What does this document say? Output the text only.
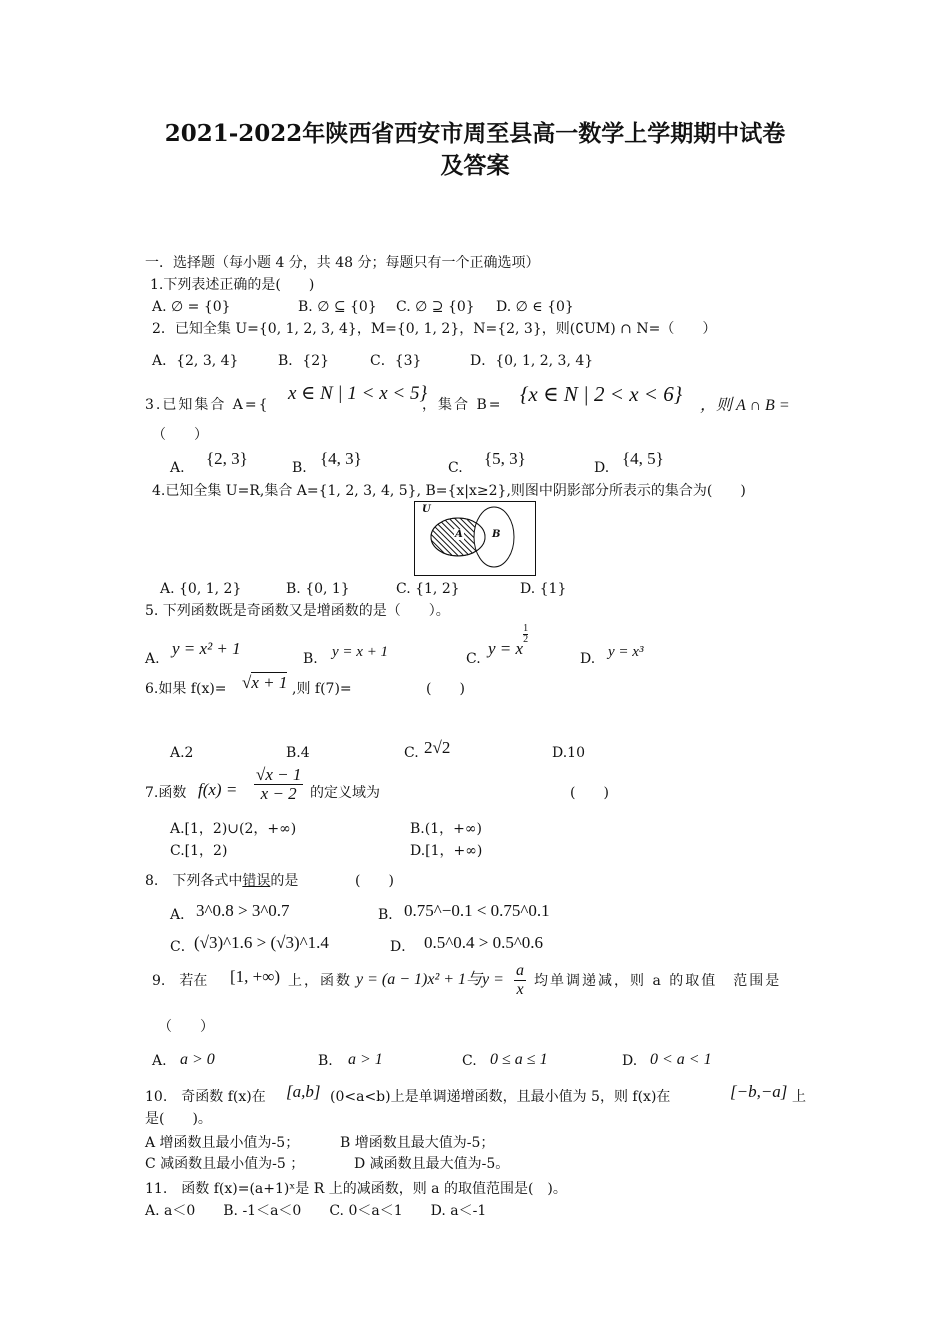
2021-2022年陕西省西安市周至县高一数学上学期期中试卷
及答案
一．选择题（每小题 4 分，共 48 分；每题只有一个正确选项）
1.下列表述正确的是(　　)
A. ∅ = {0}	B. ∅ ⊆ {0} C. ∅ ⊇ {0} D. ∅ ∈ {0}
2．已知全集 U={0, 1, 2, 3, 4}，M={0, 1, 2}，N={2, 3}，则(∁UM) ∩ N=（　　）
A．{2, 3, 4}	B．{2}	C．{3}	D．{0, 1, 2, 3, 4}
3.已知集合 A={
x ∈ N | 1 < x < 5}
，集合 B= {x ∈ N | 2 < x < 6} ，则 A ∩ B =
（　　）
A. {2, 3}	B. {4, 3}	C. {5, 3}	D. {4, 5}
4.已知全集 U=R,集合 A={1, 2, 3, 4, 5}, B={x|x≥2},则图中阴影部分所表示的集合为(　　)
U
A	B
A. {0, 1, 2}	B. {0, 1}	C. {1, 2}	D. {1}
5. 下列函数既是奇函数又是增函数的是（　　）。
A.
y = x² + 1
B. y = x + 1	C.
y = x
$\frac{1}{2}$
D. y = x³
6.如果 f(x)= √x + 1 ,则 f(7)=	(　　)
A.2	B.4	C. 2√2	D.10
7.函数 $f(x) = \frac{√x - 1}{x - 2}$ 的定义域为	(　　)
A.[1，2)∪(2，+∞)	B.(1，+∞)
C.[1，2)	D.[1，+∞)
8.　下列各式中错误的是	(　　)
A． 3^0.8 > 3^0.7	B． 0.75^−0.1 < 0.75^0.1
C． (√3)^1.6 > (√3)^1.4	D． 0.5^0.4 > 0.5^0.6
9.　若在 [1, +∞) 上，函数 y = (a − 1)x² + 1与$y = \frac{a}{x}$ 均单调递减，则 a 的取值　范围是
（　　）
A. a > 0	B. a > 1	C. 0 ≤ a ≤ 1	D. 0 < a < 1
10.　奇函数 f(x)在 [a,b] (0<a<b)上是单调递增函数，且最小值为 5，则 f(x)在	[−b,−a] 上
是(　　)。
A 增函数且最小值为-5；	B 增函数且最大值为-5；
C 减函数且最小值为-5 ；	D 减函数且最大值为-5。
11.　函数 f(x)=(a+1)ˣ是 R 上的减函数，则 a 的取值范围是(　)。
A. a＜0　　B. -1＜a＜0　　C. 0＜a＜1　　D. a＜-1
